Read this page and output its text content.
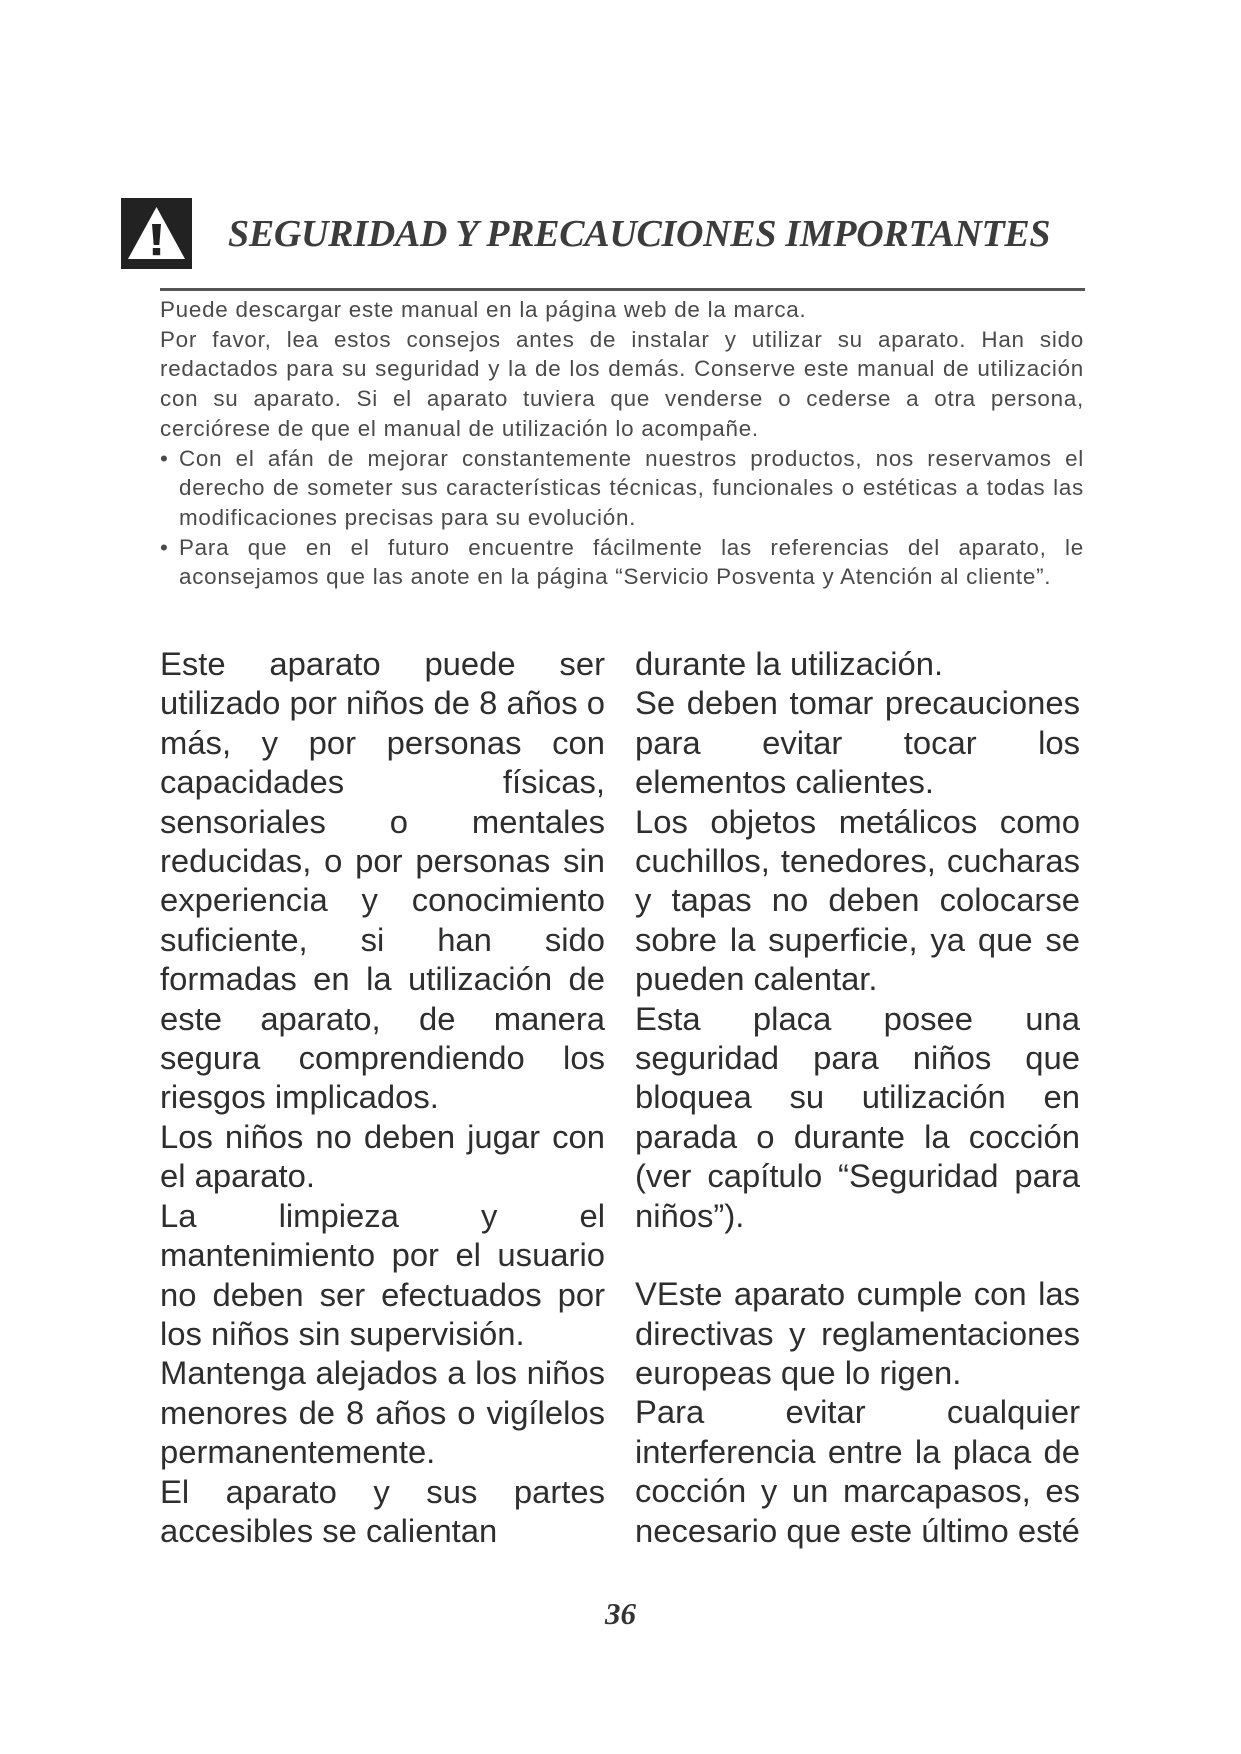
SEGURIDAD Y PRECAUCIONES IMPORTANTES

Puede descargar este manual en la página web de la marca.

Por favor, lea estos consejos antes de instalar y utilizar su aparato. Han sido redactados para su seguridad y la de los demás. Conserve este manual de utilización con su aparato. Si el aparato tuviera que venderse o cederse a otra persona, cerciórese de que el manual de utilización lo acompañe.

• Con el afán de mejorar constantemente nuestros productos, nos reservamos el derecho de someter sus características técnicas, funcionales o estéticas a todas las modificaciones precisas para su evolución.

• Para que en el futuro encuentre fácilmente las referencias del aparato, le aconsejamos que las anote en la página “Servicio Posventa y Atención al cliente”.

Este aparato puede ser utilizado por niños de 8 años o más, y por personas con capacidades físicas, sensoriales o mentales reducidas, o por personas sin experiencia y conocimiento suficiente, si han sido formadas en la utilización de este aparato, de manera segura comprendiendo los riesgos implicados.

Los niños no deben jugar con el aparato.

La limpieza y el mantenimiento por el usuario no deben ser efectuados por los niños sin supervisión.

Mantenga alejados a los niños menores de 8 años o vigílelos permanentemente.

El aparato y sus partes accesibles se calientan

durante la utilización.

Se deben tomar precauciones para evitar tocar los elementos calientes.

Los objetos metálicos como cuchillos, tenedores, cucharas y tapas no deben colocarse sobre la superficie, ya que se pueden calentar.

Esta placa posee una seguridad para niños que bloquea su utilización en parada o durante la cocción (ver capítulo “Seguridad para niños”).

VEste aparato cumple con las directivas y reglamentaciones europeas que lo rigen.

Para evitar cualquier interferencia entre la placa de cocción y un marcapasos, es necesario que este último esté

36
